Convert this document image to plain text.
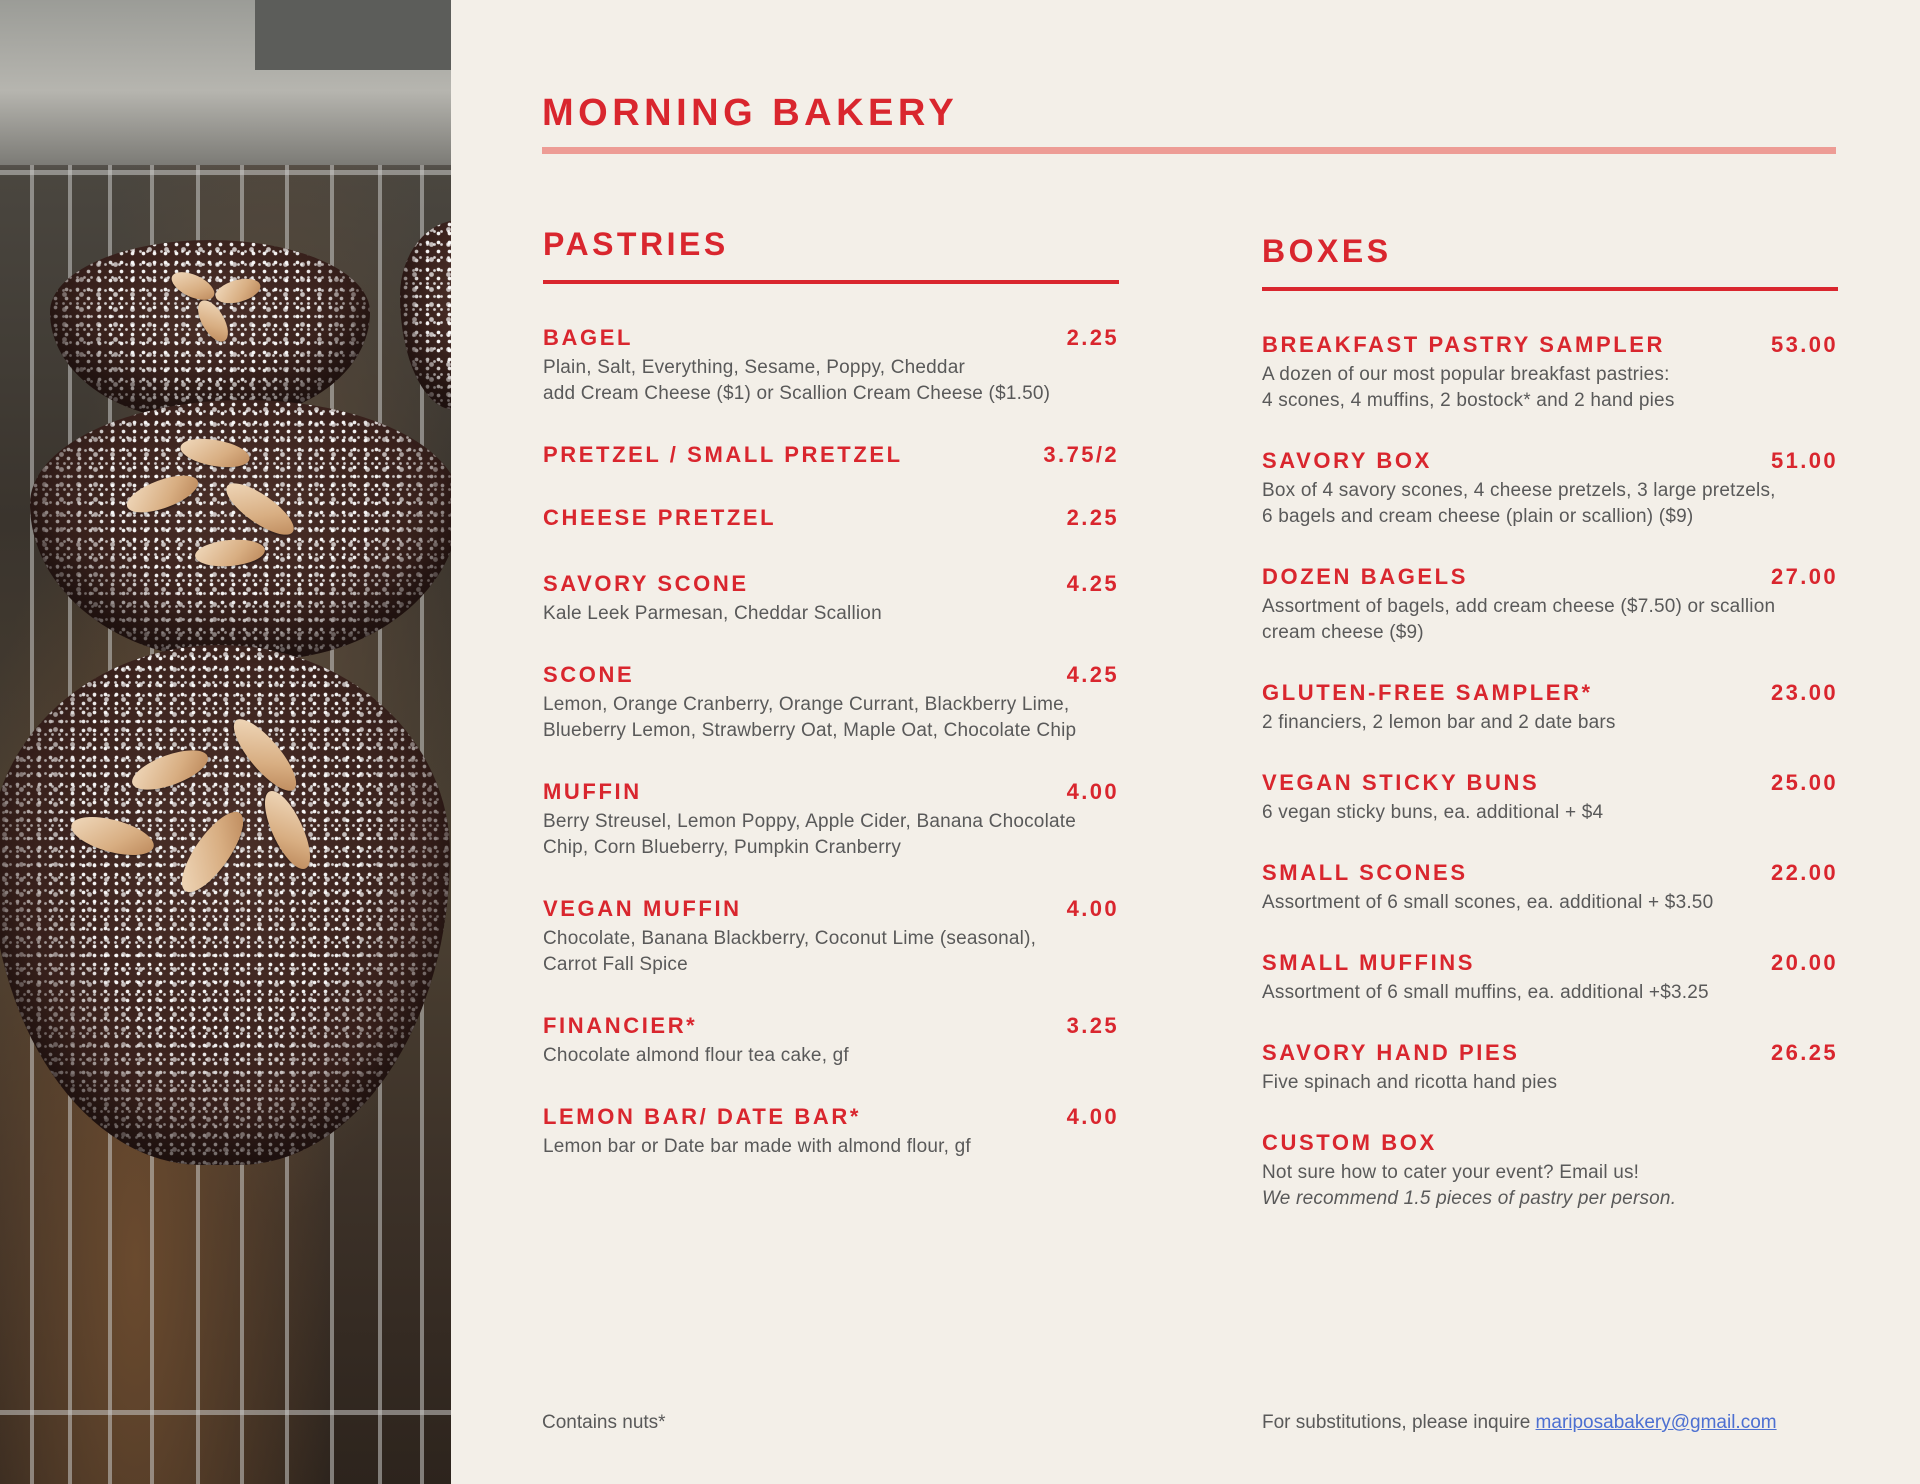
MORNING BAKERY
PASTRIES
BAGEL	2.25
Plain, Salt, Everything, Sesame, Poppy, Cheddar
add Cream Cheese ($1) or Scallion Cream Cheese ($1.50)
PRETZEL / SMALL PRETZEL	3.75/2
CHEESE PRETZEL	2.25
SAVORY SCONE	4.25
Kale Leek Parmesan, Cheddar Scallion
SCONE	4.25
Lemon, Orange Cranberry, Orange Currant, Blackberry Lime,
Blueberry Lemon, Strawberry Oat, Maple Oat, Chocolate Chip
MUFFIN	4.00
Berry Streusel, Lemon Poppy, Apple Cider, Banana Chocolate
Chip, Corn Blueberry, Pumpkin Cranberry
VEGAN MUFFIN	4.00
Chocolate, Banana Blackberry, Coconut Lime (seasonal),
Carrot Fall Spice
FINANCIER*	3.25
Chocolate almond flour tea cake, gf
LEMON BAR/ DATE BAR*	4.00
Lemon bar or Date bar made with almond flour, gf
BOXES
BREAKFAST PASTRY SAMPLER	53.00
A dozen of our most popular breakfast pastries:
4 scones, 4 muffins, 2 bostock* and 2 hand pies
SAVORY BOX	51.00
Box of 4 savory scones, 4 cheese pretzels, 3 large pretzels,
6 bagels and cream cheese (plain or scallion) ($9)
DOZEN BAGELS	27.00
Assortment of bagels, add cream cheese ($7.50) or scallion
cream cheese ($9)
GLUTEN-FREE SAMPLER*	23.00
2 financiers, 2 lemon bar and 2 date bars
VEGAN STICKY BUNS	25.00
6 vegan sticky buns, ea. additional + $4
SMALL SCONES	22.00
Assortment of 6 small scones, ea. additional + $3.50
SMALL MUFFINS	20.00
Assortment of 6 small muffins, ea. additional +$3.25
SAVORY HAND PIES	26.25
Five spinach and ricotta hand pies
CUSTOM BOX
Not sure how to cater your event? Email us!
We recommend 1.5 pieces of pastry per person.
Contains nuts*	For substitutions, please inquire mariposabakery@gmail.com
